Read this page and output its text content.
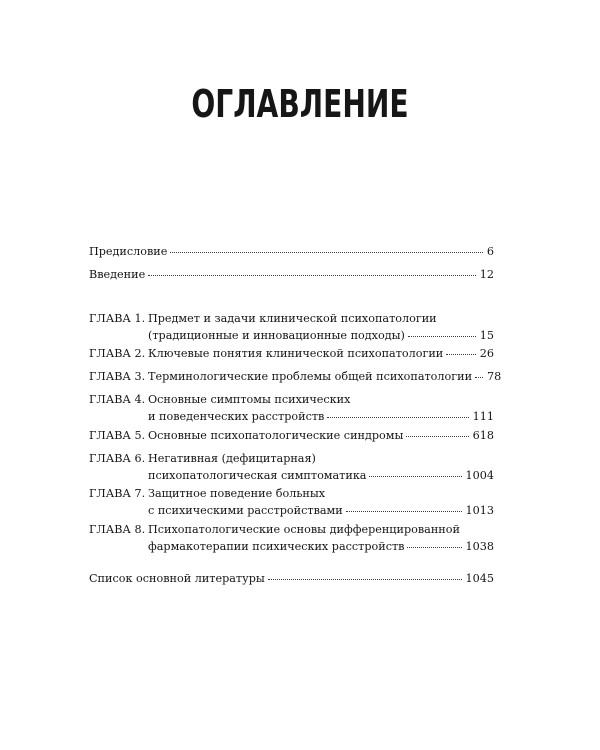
ОГЛАВЛЕНИЕ
Предисловие	6
Введение	12
ГЛАВА 1. Предмет и задачи клинической психопатологии
(традиционные и инновационные подходы)	15
ГЛАВА 2. Ключевые понятия клинической психопатологии	26
ГЛАВА 3. Терминологические проблемы общей психопатологии 78
ГЛАВА 4. Основные симптомы психических
и поведенческих расстройств	111
ГЛАВА 5. Основные психопатологические синдромы	618
ГЛАВА 6. Негативная (дефицитарная)
психопатологическая симптоматика	1004
ГЛАВА 7. Защитное поведение больных
с психическими расстройствами	1013
ГЛАВА 8. Психопатологические основы дифференцированной
фармакотерапии психических расстройств	1038
Список основной литературы	1045
